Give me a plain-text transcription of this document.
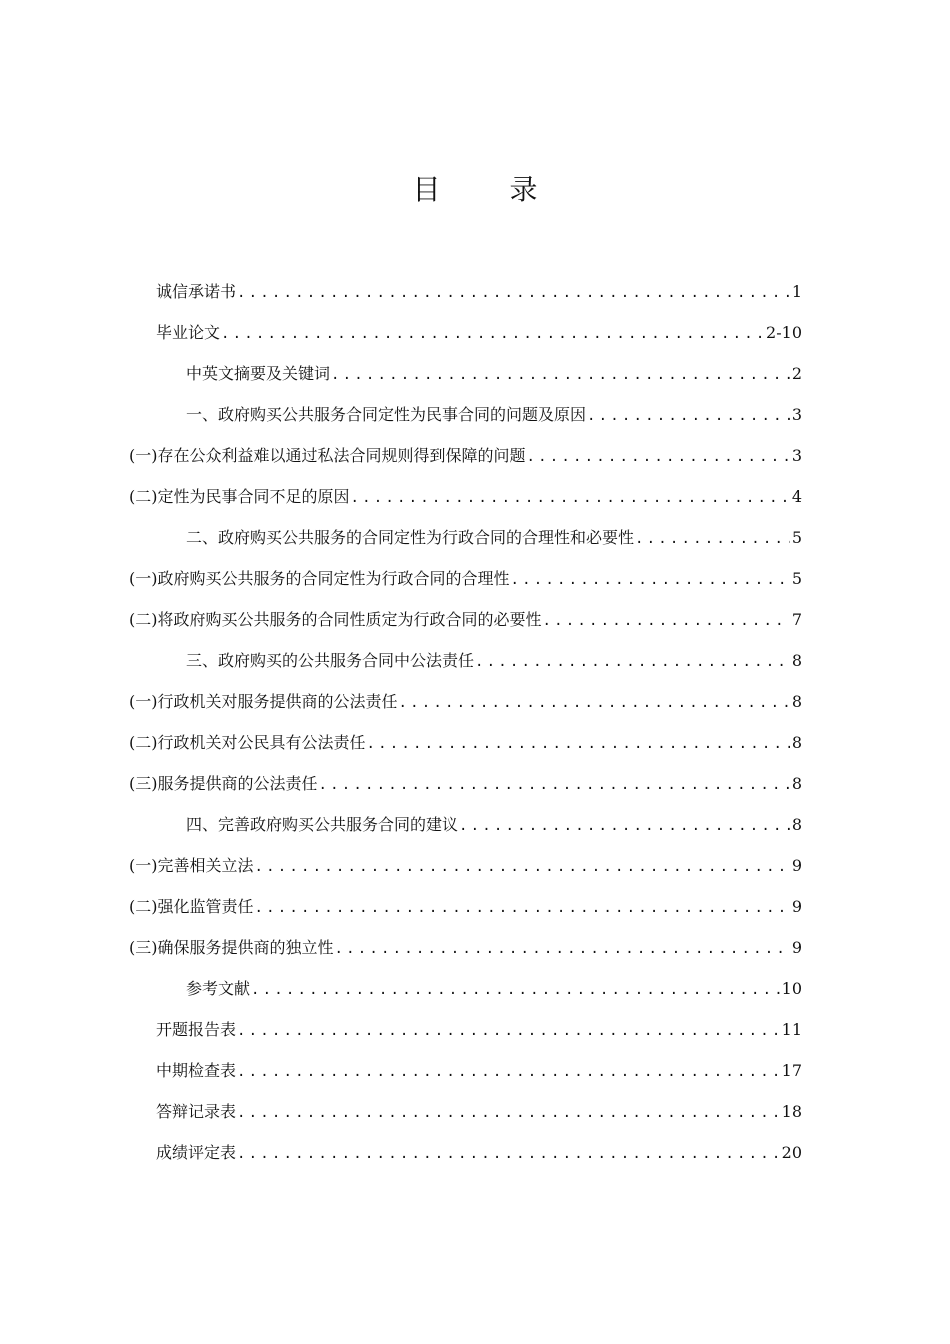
目 录
诚信承诺书 .....	1
毕业论文 .....	2-10
中英文摘要及关键词 .....	2
一、政府购买公共服务合同定性为民事合同的问题及原因 .....	3
(一)存在公众利益难以通过私法合同规则得到保障的问题 .....	3
(二)定性为民事合同不足的原因 .....	4
二、政府购买公共服务的合同定性为行政合同的合理性和必要性 .....	5
(一)政府购买公共服务的合同定性为行政合同的合理性 .....	5
(二)将政府购买公共服务的合同性质定为行政合同的必要性 .....	7
三、政府购买的公共服务合同中公法责任 .....	8
(一)行政机关对服务提供商的公法责任 .....	8
(二)行政机关对公民具有公法责任 .....	8
(三)服务提供商的公法责任 .....	8
四、完善政府购买公共服务合同的建议 .....	8
(一)完善相关立法 .....	9
(二)强化监管责任 .....	9
(三)确保服务提供商的独立性 .....	9
参考文献 .....	10
开题报告表 .....	11
中期检查表 .....	17
答辩记录表 .....	18
成绩评定表 .....	20
